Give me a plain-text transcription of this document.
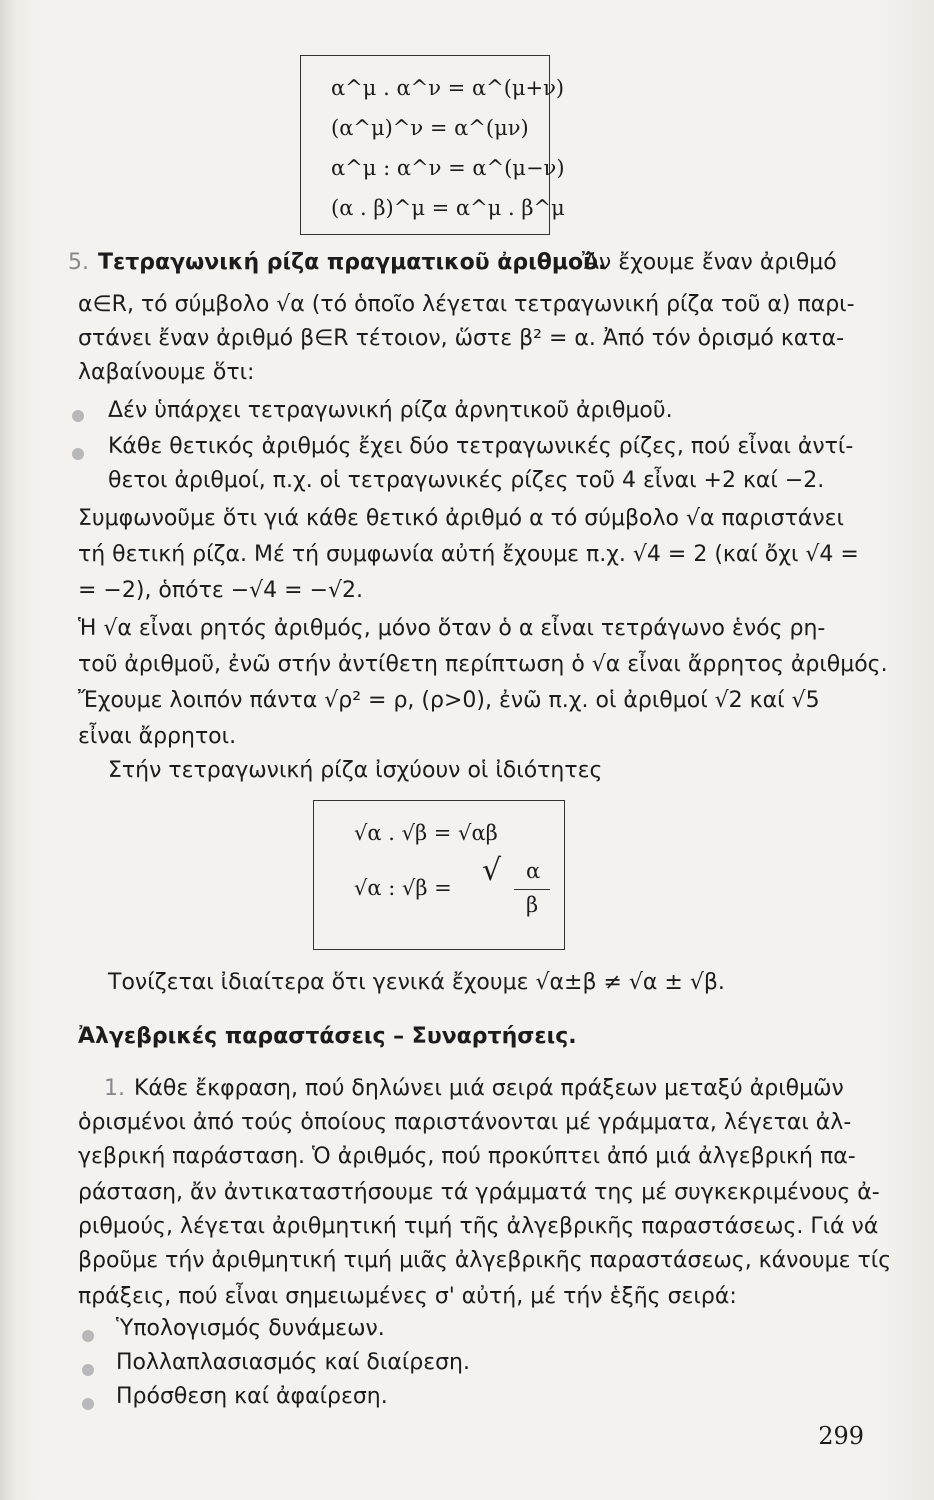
α^μ . α^ν = α^(μ+ν)
(α^μ)^ν = α^(μν)
α^μ : α^ν = α^(μ−ν)
(α . β)^μ = α^μ . β^μ
5. Τετραγωνική ρίζα πραγματικοῦ ἀριθμοῦ.
Ἄν ἔχουμε ἔναν ἀριθμό
α∈R, τό σύμβολο √α (τό ὁποῖο λέγεται τετραγωνική ρίζα τοῦ α) παρι-
στάνει ἔναν ἀριθμό β∈R τέτοιον, ὥστε β² = α. Ἀπό τόν ὁρισμό κατα-
λαβαίνουμε ὅτι:
Δέν ὑπάρχει τετραγωνική ρίζα ἀρνητικοῦ ἀριθμοῦ.
Κάθε θετικός ἀριθμός ἔχει δύο τετραγωνικές ρίζες, πού εἶναι ἀντί-
θετοι ἀριθμοί, π.χ. οἱ τετραγωνικές ρίζες τοῦ 4 εἶναι +2 καί −2.
Συμφωνοῦμε ὅτι γιά κάθε θετικό ἀριθμό α τό σύμβολο √α παριστάνει
τή θετική ρίζα. Μέ τή συμφωνία αὐτή ἔχουμε π.χ. √4 = 2 (καί ὄχι √4 =
= −2), ὁπότε −√4 = −√2.
Ἡ √α εἶναι ρητός ἀριθμός, μόνο ὅταν ὁ α εἶναι τετράγωνο ἑνός ρη-
τοῦ ἀριθμοῦ, ἐνῶ στήν ἀντίθετη περίπτωση ὁ √α εἶναι ἄρρητος ἀριθμός.
Ἔχουμε λοιπόν πάντα √ρ² = ρ, (ρ>0), ἐνῶ π.χ. οἱ ἀριθμοί √2 καί √5
εἶναι ἄρρητοι.
Στήν τετραγωνική ρίζα ἰσχύουν οἱ ἰδιότητες
√α . √β = √αβ
√α : √β = √ α
β
Τονίζεται ἰδιαίτερα ὅτι γενικά ἔχουμε √α±β ≠ √α ± √β.
Ἀλγεβρικές παραστάσεις – Συναρτήσεις.
1. Κάθε ἔκφραση, πού δηλώνει μιά σειρά πράξεων μεταξύ ἀριθμῶν
ὁρισμένοι ἀπό τούς ὁποίους παριστάνονται μέ γράμματα, λέγεται ἀλ-
γεβρική παράσταση. Ὁ ἀριθμός, πού προκύπτει ἀπό μιά ἀλγεβρική πα-
ράσταση, ἄν ἀντικαταστήσουμε τά γράμματά της μέ συγκεκριμένους ἀ-
ριθμούς, λέγεται ἀριθμητική τιμή τῆς ἀλγεβρικῆς παραστάσεως. Γιά νά
βροῦμε τήν ἀριθμητική τιμή μιᾶς ἀλγεβρικῆς παραστάσεως, κάνουμε τίς
πράξεις, πού εἶναι σημειωμένες σ' αὐτή, μέ τήν ἑξῆς σειρά:
Ὑπολογισμός δυνάμεων.
Πολλαπλασιασμός καί διαίρεση.
Πρόσθεση καί ἀφαίρεση.
299
